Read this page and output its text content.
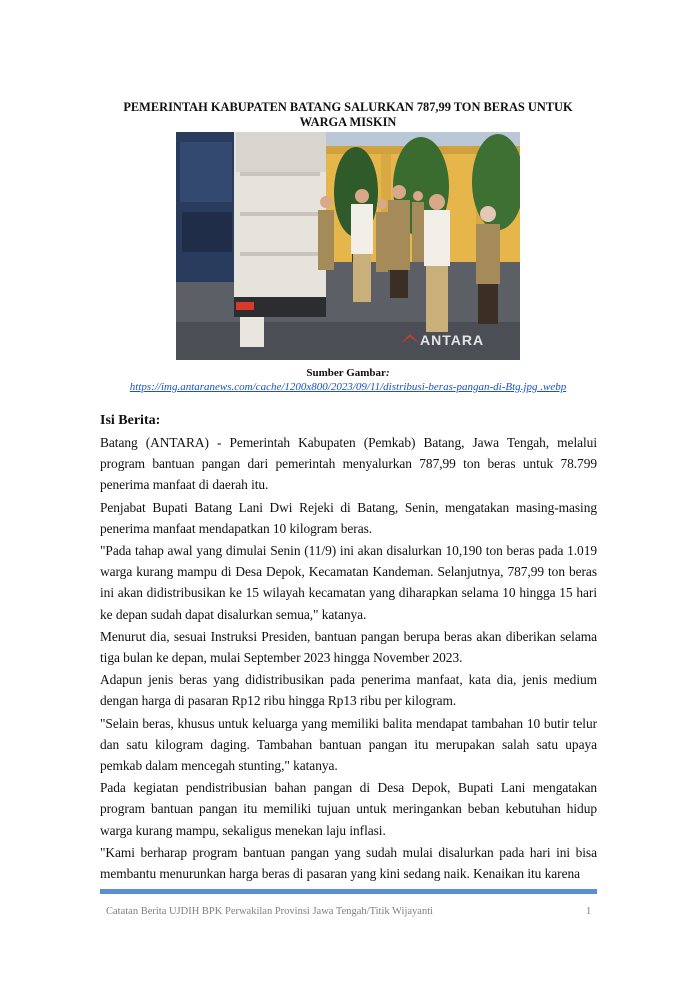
PEMERINTAH KABUPATEN BATANG SALURKAN 787,99 TON BERAS UNTUK WARGA MISKIN
ANTARA
Sumber Gambar:
https://img.antaranews.com/cache/1200x800/2023/09/11/distribusi-beras-pangan-di-Btg.jpg .webp
Isi Berita:
Batang (ANTARA) - Pemerintah Kabupaten (Pemkab) Batang, Jawa Tengah, melalui program bantuan pangan dari pemerintah menyalurkan 787,99 ton beras untuk 78.799 penerima manfaat di daerah itu.
Penjabat Bupati Batang Lani Dwi Rejeki di Batang, Senin, mengatakan masing-masing penerima manfaat mendapatkan 10 kilogram beras.
"Pada tahap awal yang dimulai Senin (11/9) ini akan disalurkan 10,190 ton beras pada 1.019 warga kurang mampu di Desa Depok, Kecamatan Kandeman. Selanjutnya, 787,99 ton beras ini akan didistribusikan ke 15 wilayah kecamatan yang diharapkan selama 10 hingga 15 hari ke depan sudah dapat disalurkan semua," katanya.
Menurut dia, sesuai Instruksi Presiden, bantuan pangan berupa beras akan diberikan selama tiga bulan ke depan, mulai September 2023 hingga November 2023.
Adapun jenis beras yang didistribusikan pada penerima manfaat, kata dia, jenis medium dengan harga di pasaran Rp12 ribu hingga Rp13 ribu per kilogram.
"Selain beras, khusus untuk keluarga yang memiliki balita mendapat tambahan 10 butir telur dan satu kilogram daging. Tambahan bantuan pangan itu merupakan salah satu upaya pemkab dalam mencegah stunting," katanya.
Pada kegiatan pendistribusian bahan pangan di Desa Depok, Bupati Lani mengatakan program bantuan pangan itu memiliki tujuan untuk meringankan beban kebutuhan hidup warga kurang mampu, sekaligus menekan laju inflasi.
"Kami berharap program bantuan pangan yang sudah mulai disalurkan pada hari ini bisa membantu menurunkan harga beras di pasaran yang kini sedang naik. Kenaikan itu karena
Catatan Berita UJDIH BPK Perwakilan Provinsi Jawa Tengah/Titik Wijayanti	1
